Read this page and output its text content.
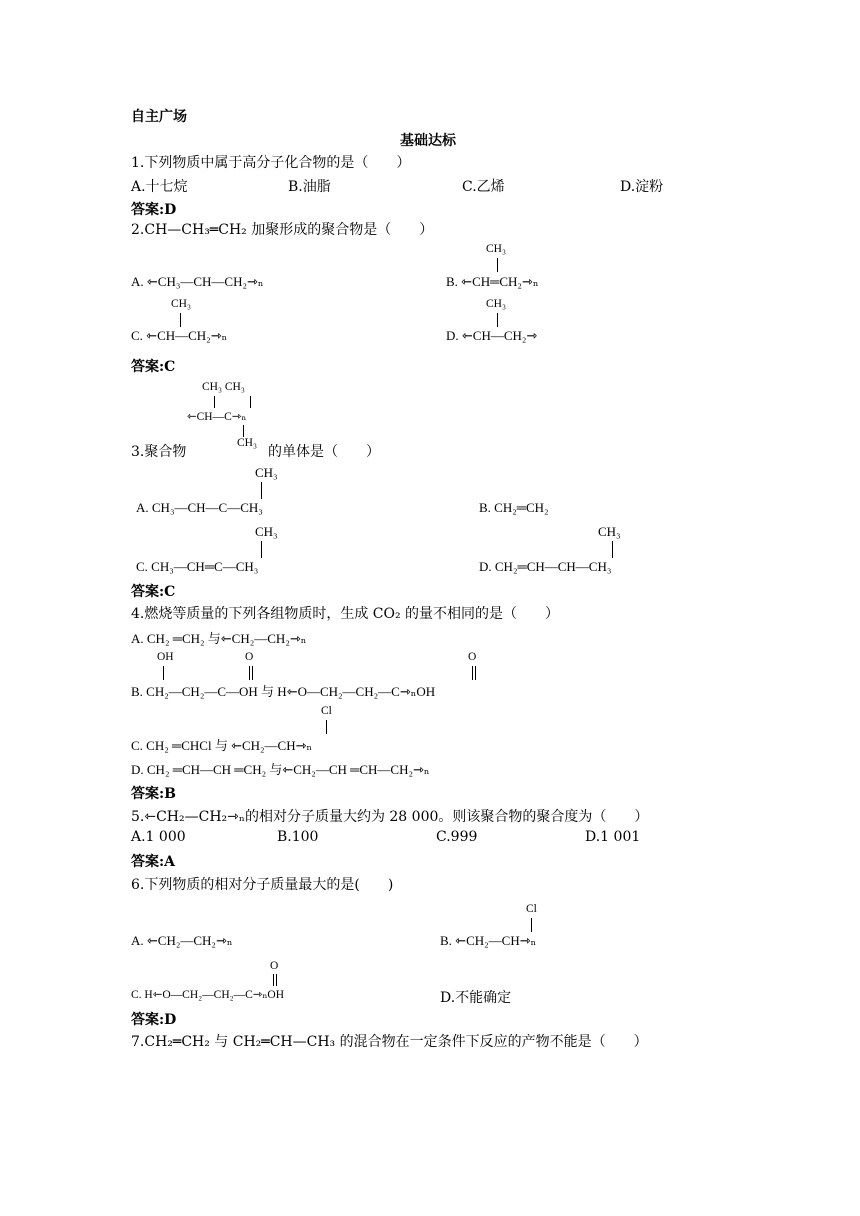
自主广场
基础达标
1.下列物质中属于高分子化合物的是（　　）
A.十七烷	B.油脂	C.乙烯	D.淀粉
答案:D
2.CH—CH₃═CH₂ 加聚形成的聚合物是（　　）
A. ⇽CH₃—CH—CH₂⇾ₙ
CH₃
B. ⇽CH═CH₂⇾ₙ
CH₃
C. ⇽CH—CH₂⇾ₙ
CH₃
D. ⇽CH—CH₂⇾
答案:C
CH₃ CH₃
⇽CH—C⇾ₙ
CH₃
3.聚合物	的单体是（　　）
CH₃
A. CH₃—CH—C—CH₃	B. CH₂═CH₂
CH₃
C. CH₃—CH═C—CH₃
CH₃
D. CH₂═CH—CH—CH₃
答案:C
4.燃烧等质量的下列各组物质时，生成 CO₂ 的量不相同的是（　　）
A. CH₂ ═CH₂ 与⇽CH₂—CH₂⇾ₙ
OH	O	O
B. CH₂—CH₂—C—OH 与 H⇽O—CH₂—CH₂—C⇾ₙOH
Cl
C. CH₂ ═CHCl 与 ⇽CH₂—CH⇾ₙ
D. CH₂ ═CH—CH ═CH₂ 与⇽CH₂—CH ═CH—CH₂⇾ₙ
答案:B
5.⇽CH₂—CH₂⇾ₙ的相对分子质量大约为 28 000。则该聚合物的聚合度为（　　）
A.1 000	B.100	C.999	D.1 001
答案:A
6.下列物质的相对分子质量最大的是(　　)
Cl
A. ⇽CH₂—CH₂⇾ₙ	B. ⇽CH₂—CH⇾ₙ
O
C. H⇽O—CH₂—CH₂—C⇾ₙOH	D.不能确定
答案:D
7.CH₂═CH₂ 与 CH₂═CH—CH₃ 的混合物在一定条件下反应的产物不能是（　　）
